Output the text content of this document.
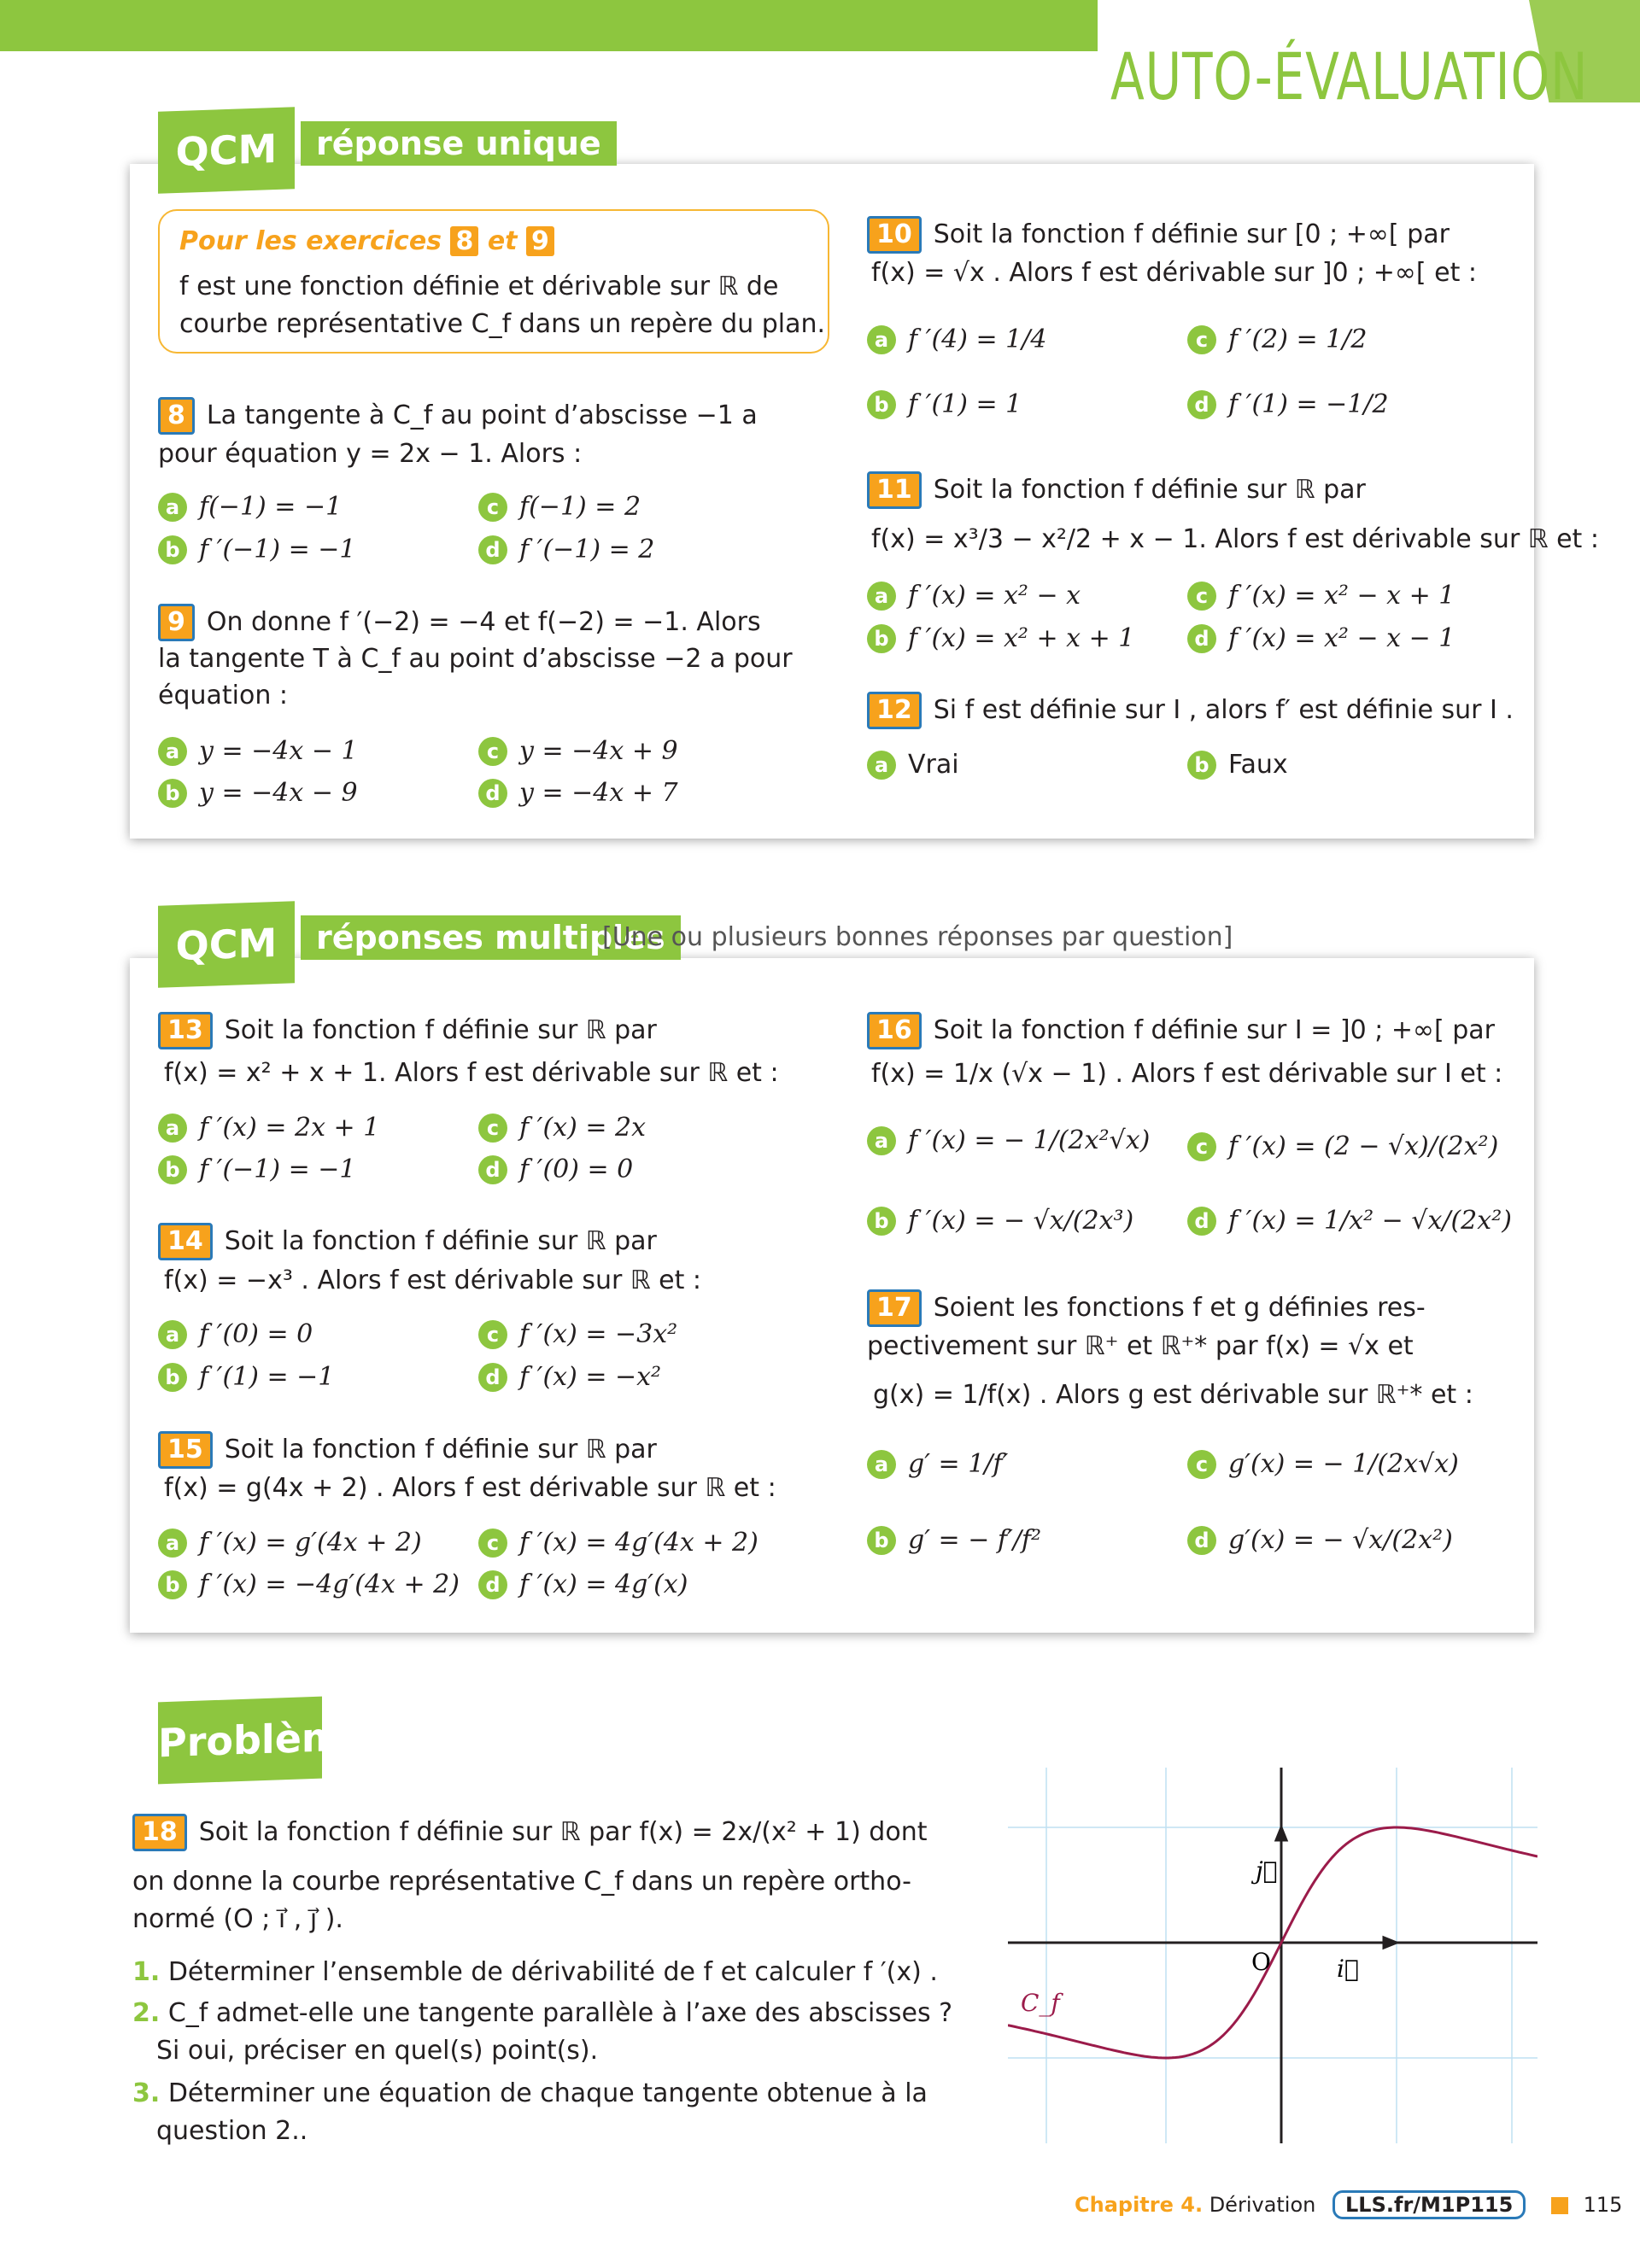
AUTO-ÉVALUATION
QCM	réponse unique
Pour les exercices 8 et 9
f est une fonction définie et dérivable sur ℝ de
courbe représentative C_f dans un repère du plan.
8 La tangente à C_f au point d’abscisse −1 a
pour équation y = 2x − 1. Alors :
a f(−1) = −1
b f ′(−1) = −1
c f(−1) = 2
d f ′(−1) = 2
9 On donne f ′(−2) = −4 et f(−2) = −1. Alors
la tangente T à C_f au point d’abscisse −2 a pour
équation :
a y = −4x − 1
b y = −4x − 9
c y = −4x + 9
d y = −4x + 7
10 Soit la fonction f définie sur [0 ; +∞[ par
f(x) = √x . Alors f est dérivable sur ]0 ; +∞[ et :
a f ′(4) = 1/4
b f ′(1) = 1
c f ′(2) = 1/2
d f ′(1) = −1/2
11 Soit la fonction f définie sur ℝ par
f(x) = x³/3 − x²/2 + x − 1. Alors f est dérivable sur ℝ et :
a f ′(x) = x² − x
b f ′(x) = x² + x + 1
c f ′(x) = x² − x + 1
d f ′(x) = x² − x − 1
12 Si f est définie sur I , alors f′ est définie sur I .
a Vrai	b Faux
QCM	réponses multiples
[Une ou plusieurs bonnes réponses par question]
13 Soit la fonction f définie sur ℝ par
f(x) = x² + x + 1. Alors f est dérivable sur ℝ et :
a f ′(x) = 2x + 1
b f ′(−1) = −1
c f ′(x) = 2x
d f ′(0) = 0
14 Soit la fonction f définie sur ℝ par
f(x) = −x³ . Alors f est dérivable sur ℝ et :
a f ′(0) = 0
b f ′(1) = −1
c f ′(x) = −3x²
d f ′(x) = −x²
15 Soit la fonction f définie sur ℝ par
f(x) = g(4x + 2) . Alors f est dérivable sur ℝ et :
a f ′(x) = g′(4x + 2)
b f ′(x) = −4g′(4x + 2)
c f ′(x) = 4g′(4x + 2)
d f ′(x) = 4g′(x)
16 Soit la fonction f définie sur I = ]0 ; +∞[ par
f(x) = 1/x (√x − 1) . Alors f est dérivable sur I et :
a f ′(x) = − 1/(2x²√x)
b f ′(x) = − √x/(2x³)
c f ′(x) = (2 − √x)/(2x²)
d f ′(x) = 1/x² − √x/(2x²)
17 Soient les fonctions f et g définies res-
pectivement sur ℝ⁺ et ℝ⁺* par f(x) = √x et
g(x) = 1/f(x) . Alors g est dérivable sur ℝ⁺* et :
a g′ = 1/f′
b g′ = − f′/f²
c g′(x) = − 1/(2x√x)
d g′(x) = − √x/(2x²)
Problème
18 Soit la fonction f définie sur ℝ par f(x) = 2x/(x² + 1) dont
on donne la courbe représentative C_f dans un repère ortho-
normé (O ; i⃗ , j⃗ ).
1. Déterminer l’ensemble de dérivabilité de f et calculer f ′(x) .
2. C_f admet-elle une tangente parallèle à l’axe des abscisses ?
Si oui, préciser en quel(s) point(s).
3. Déterminer une équation de chaque tangente obtenue à la
question 2..
O	i⃗
j⃗
C_f
Chapitre 4. Dérivation LLS.fr/M1P115	115
